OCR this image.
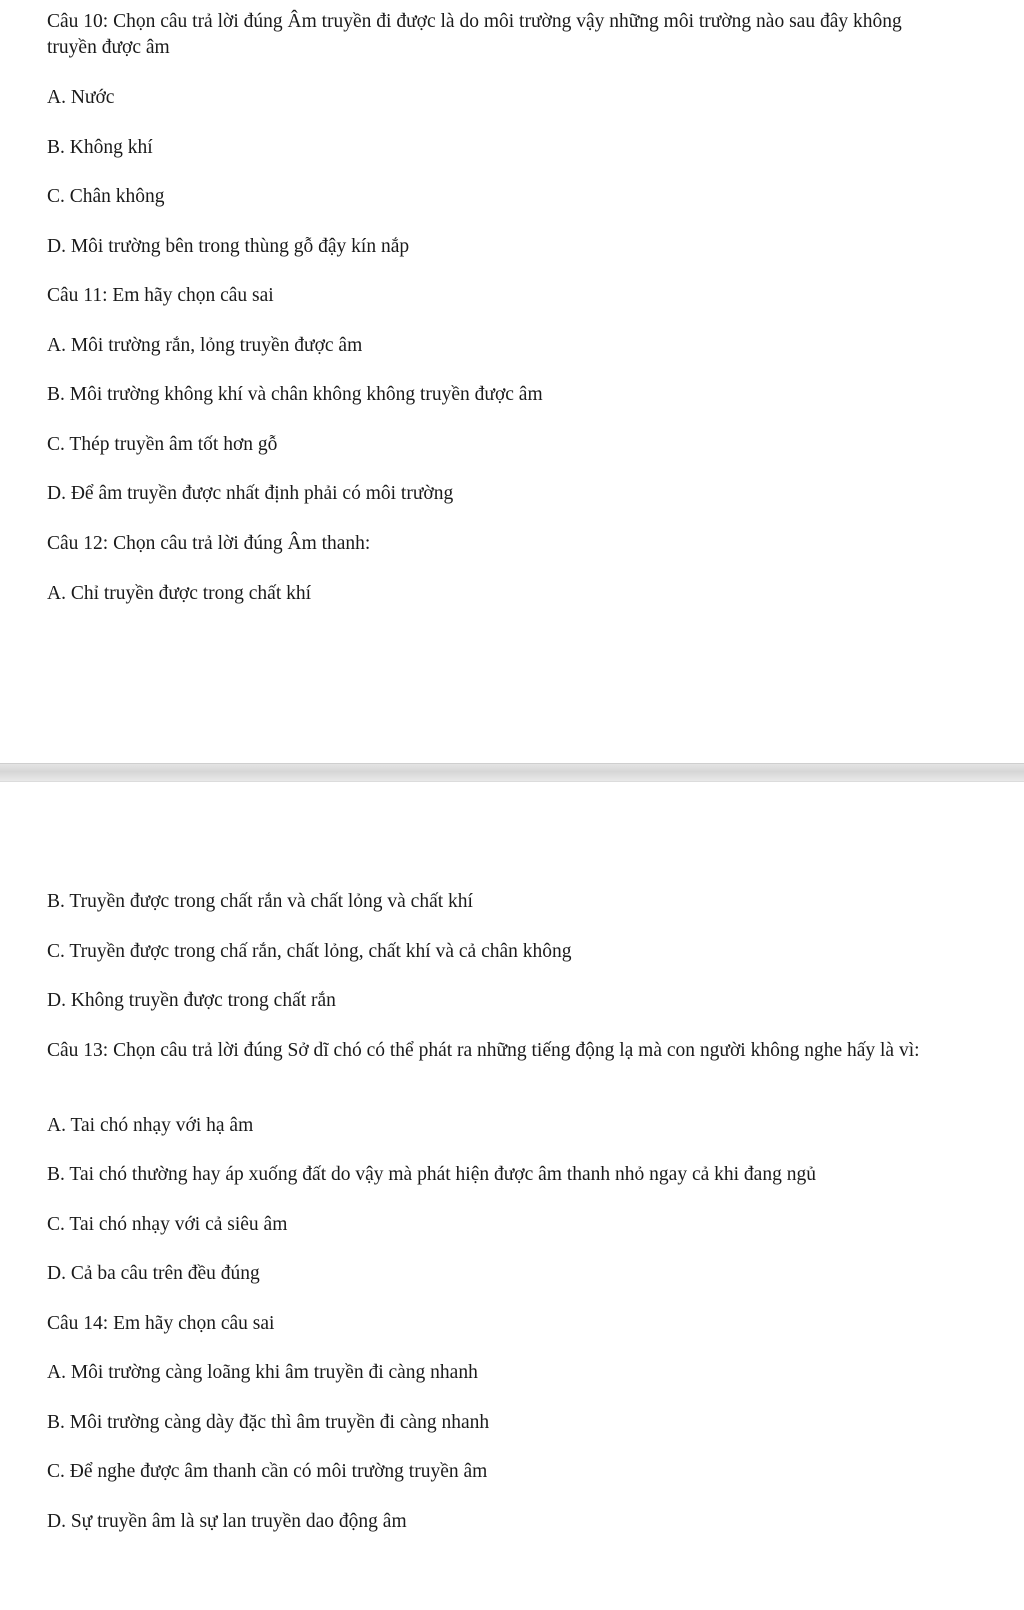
Câu 10: Chọn câu trả lời đúng Âm truyền đi được là do môi trường vậy những môi trường nào sau đây không truyền được âm
A. Nước
B. Không khí
C. Chân không
D. Môi trường bên trong thùng gỗ đậy kín nắp
Câu 11: Em hãy chọn câu sai
A. Môi trường rắn, lỏng truyền được âm
B. Môi trường không khí và chân không không truyền được âm
C. Thép truyền âm tốt hơn gỗ
D. Để âm truyền được nhất định phải có môi trường
Câu 12: Chọn câu trả lời đúng Âm thanh:
A. Chỉ truyền được trong chất khí
B. Truyền được trong chất rắn và chất lỏng và chất khí
C. Truyền được trong chấ rắn, chất lỏng, chất khí và cả chân không
D. Không truyền được trong chất rắn
Câu 13: Chọn câu trả lời đúng Sở dĩ chó có thể phát ra những tiếng động lạ mà con người không nghe hấy là vì:
A. Tai chó nhạy với hạ âm
B. Tai chó thường hay áp xuống đất do vậy mà phát hiện được âm thanh nhỏ ngay cả khi đang ngủ
C. Tai chó nhạy với cả siêu âm
D. Cả ba câu trên đều đúng
Câu 14: Em hãy chọn câu sai
A. Môi trường càng loãng khi âm truyền đi càng nhanh
B. Môi trường càng dày đặc thì âm truyền đi càng nhanh
C. Để nghe được âm thanh cần có môi trường truyền âm
D. Sự truyền âm là sự lan truyền dao động âm
